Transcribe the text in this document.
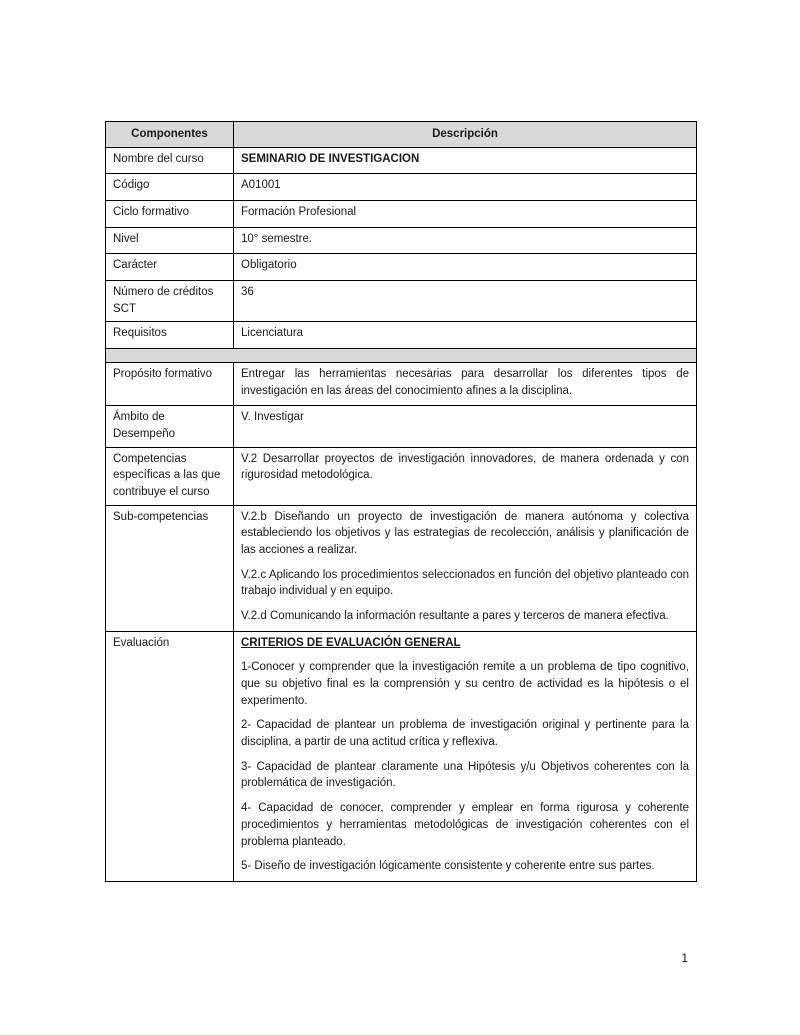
Componentes	Descripción
Nombre del curso	SEMINARIO DE INVESTIGACION

Código	A01001

Ciclo formativo	Formación Profesional

Nivel	10° semestre.

Carácter	Obligatorio

Número de créditos SCT	36

Requisitos	Licenciatura

Propósito formativo	Entregar las herramientas necesarias para desarrollar los diferentes tipos de investigación en las áreas del conocimiento afines a la disciplina.

Ámbito de Desempeño	V. Investigar

Competencias específicas a las que contribuye el curso	V.2 Desarrollar proyectos de investigación innovadores, de manera ordenada y con rigurosidad metodológica.

Sub-competencias	V.2.b Diseñando un proyecto de investigación de manera autónoma y colectiva estableciendo los objetivos y las estrategias de recolección, análisis y planificación de las acciones a realizar.

V.2.c Aplicando los procedimientos seleccionados en función del objetivo planteado con trabajo individual y en equipo.

V.2.d Comunicando la información resultante a pares y terceros de manera efectiva.

Evaluación	CRITERIOS DE EVALUACIÓN GENERAL

1-Conocer y comprender que la investigación remite a un problema de tipo cognitivo, que su objetivo final es la comprensión y su centro de actividad es la hipótesis o el experimento.

2- Capacidad de plantear un problema de investigación original y pertinente para la disciplina, a partir de una actitud crítica y reflexiva.

3- Capacidad de plantear claramente una Hipótesis y/u Objetivos coherentes con la problemática de investigación.

4- Capacidad de conocer, comprender y emplear en forma rigurosa y coherente procedimientos y herramientas metodológicas de investigación coherentes con el problema planteado.

5- Diseño de investigación lógicamente consistente y coherente entre sus partes.

1
